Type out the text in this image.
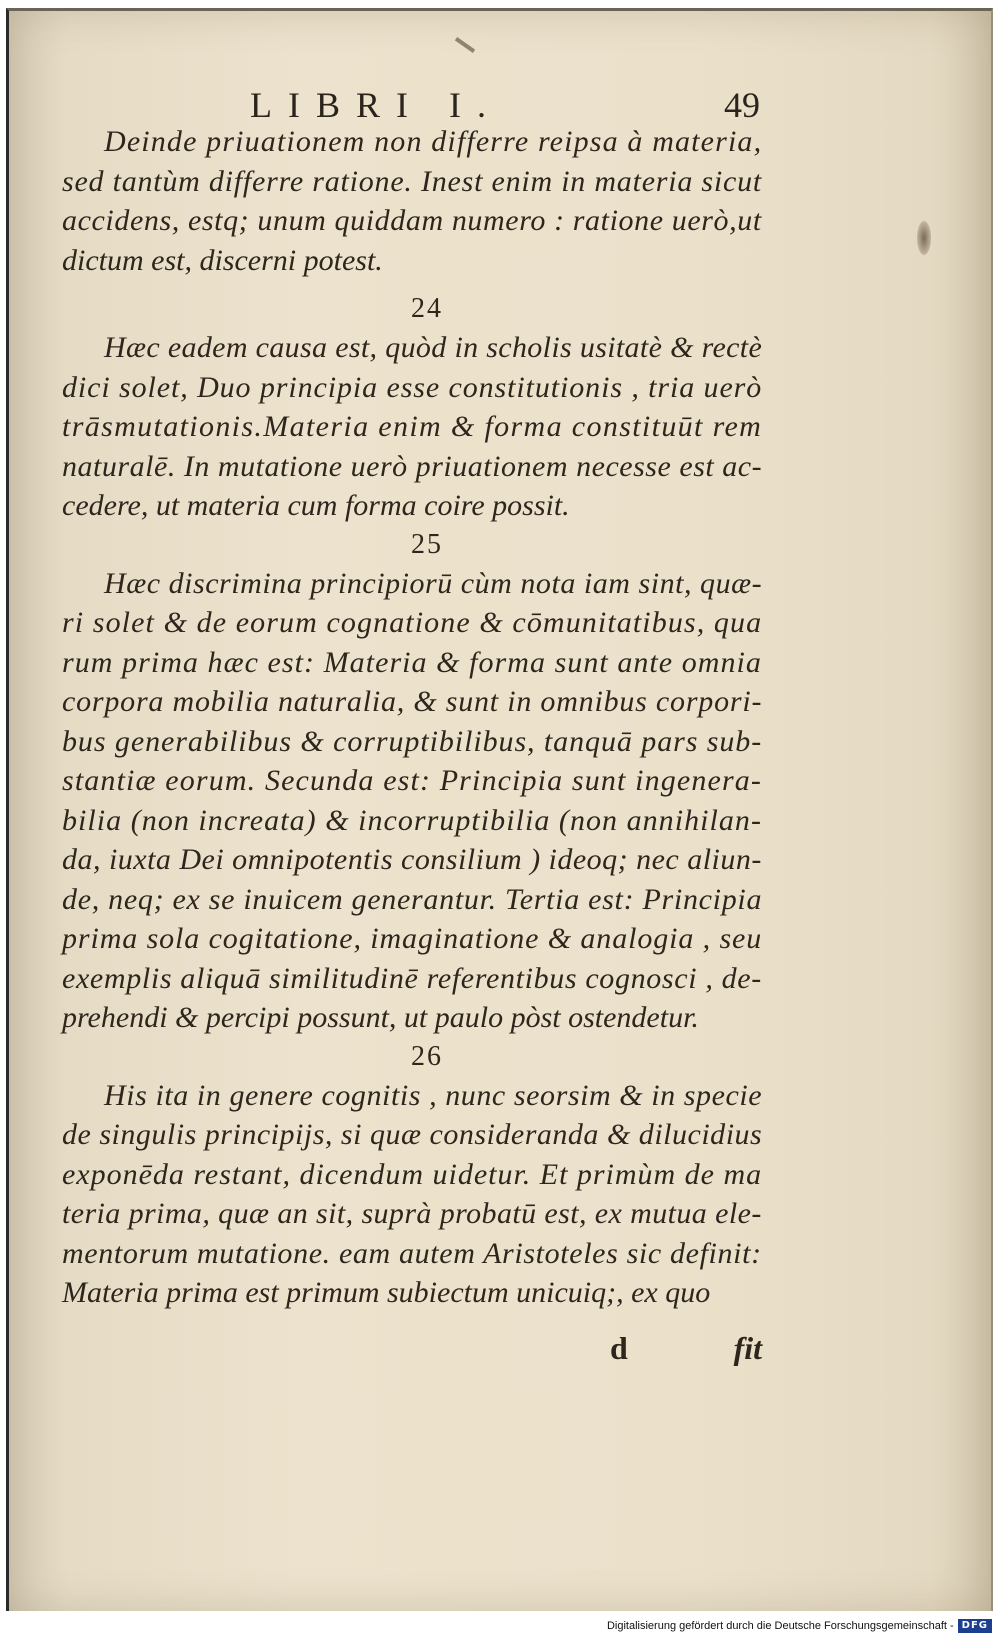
LIBRI I.	49
Deinde priuationem non differre reipsa à materia,
sed tantùm differre ratione. Inest enim in materia sicut
accidens, estq; unum quiddam numero : ratione uerò,ut
dictum est, discerni potest.
24
Hæc eadem causa est, quòd in scholis usitatè & rectè
dici solet, Duo principia esse constitutionis , tria uerò
trāsmutationis.Materia enim & forma constituūt rem
naturalē. In mutatione uerò priuationem necesse est ac-
cedere, ut materia cum forma coire possit.
25
Hæc discrimina principiorū cùm nota iam sint, quæ-
ri solet & de eorum cognatione & cōmunitatibus, qua
rum prima hæc est: Materia & forma sunt ante omnia
corpora mobilia naturalia, & sunt in omnibus corpori-
bus generabilibus & corruptibilibus, tanquā pars sub-
stantiæ eorum. Secunda est: Principia sunt ingenera-
bilia (non increata) & incorruptibilia (non annihilan-
da, iuxta Dei omnipotentis consilium ) ideoq; nec aliun-
de, neq; ex se inuicem generantur. Tertia est: Principia
prima sola cogitatione, imaginatione & analogia , seu
exemplis aliquā similitudinē referentibus cognosci , de-
prehendi & percipi possunt, ut paulo pòst ostendetur.
26
His ita in genere cognitis , nunc seorsim & in specie
de singulis principijs, si quæ consideranda & dilucidius
exponēda restant, dicendum uidetur. Et primùm de ma
teria prima, quæ an sit, suprà probatū est, ex mutua ele-
mentorum mutatione. eam autem Aristoteles sic definit:
Materia prima est primum subiectum unicuiq;, ex quo
d	fit
Digitalisierung gefördert durch die Deutsche Forschungsgemeinschaft - DFG
